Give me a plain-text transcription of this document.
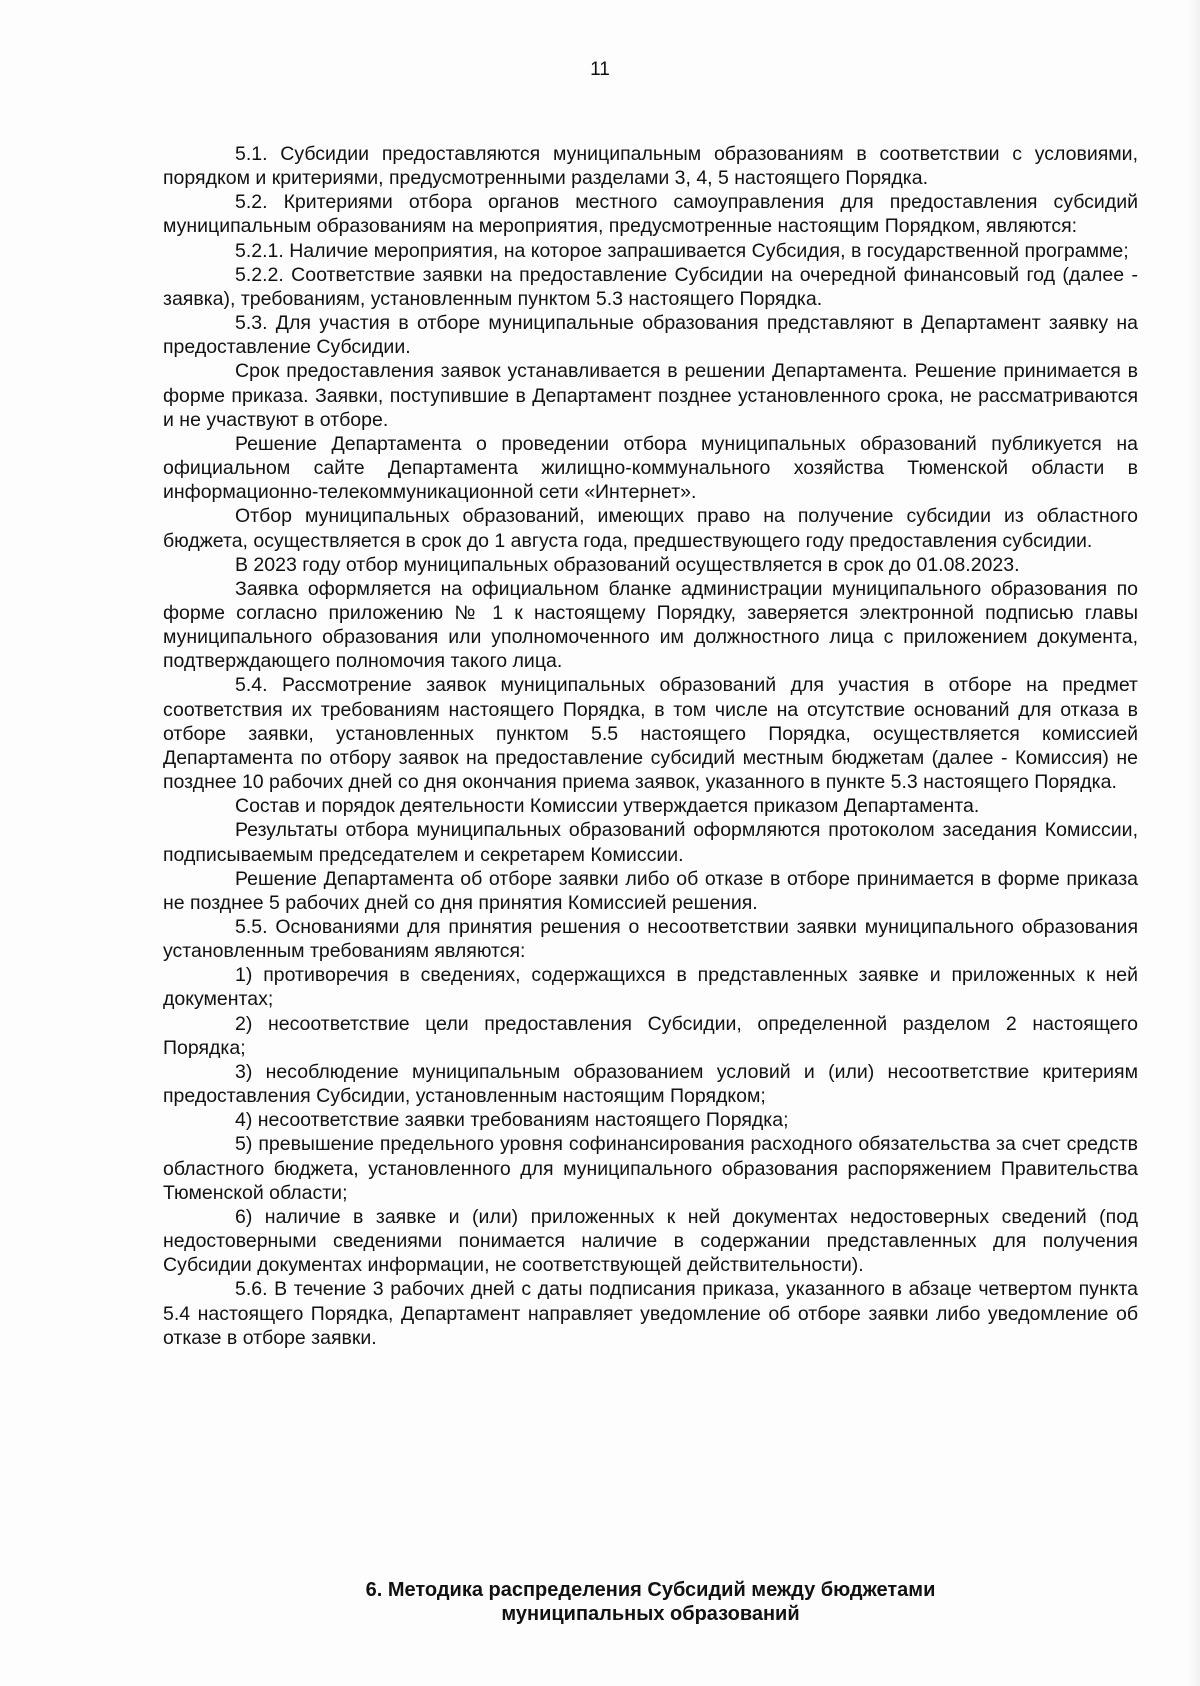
11

5.1. Субсидии предоставляются муниципальным образованиям в соответствии с условиями, порядком и критериями, предусмотренными разделами 3, 4, 5 настоящего Порядка.

5.2. Критериями отбора органов местного самоуправления для предоставления субсидий муниципальным образованиям на мероприятия, предусмотренные настоящим Порядком, являются:

5.2.1. Наличие мероприятия, на которое запрашивается Субсидия, в государственной программе;

5.2.2. Соответствие заявки на предоставление Субсидии на очередной финансовый год (далее - заявка), требованиям, установленным пунктом 5.3 настоящего Порядка.

5.3. Для участия в отборе муниципальные образования представляют в Департамент заявку на предоставление Субсидии.

Срок предоставления заявок устанавливается в решении Департамента. Решение принимается в форме приказа. Заявки, поступившие в Департамент позднее установленного срока, не рассматриваются и не участвуют в отборе.

Решение Департамента о проведении отбора муниципальных образований публикуется на официальном сайте Департамента жилищно-коммунального хозяйства Тюменской области в информационно-телекоммуникационной сети «Интернет».

Отбор муниципальных образований, имеющих право на получение субсидии из областного бюджета, осуществляется в срок до 1 августа года, предшествующего году предоставления субсидии.

В 2023 году отбор муниципальных образований осуществляется в срок до 01.08.2023.

Заявка оформляется на официальном бланке администрации муниципального образования по форме согласно приложению № 1 к настоящему Порядку, заверяется электронной подписью главы муниципального образования или уполномоченного им должностного лица с приложением документа, подтверждающего полномочия такого лица.

5.4. Рассмотрение заявок муниципальных образований для участия в отборе на предмет соответствия их требованиям настоящего Порядка, в том числе на отсутствие оснований для отказа в отборе заявки, установленных пунктом 5.5 настоящего Порядка, осуществляется комиссией Департамента по отбору заявок на предоставление субсидий местным бюджетам (далее - Комиссия) не позднее 10 рабочих дней со дня окончания приема заявок, указанного в пункте 5.3 настоящего Порядка.

Состав и порядок деятельности Комиссии утверждается приказом Департамента.

Результаты отбора муниципальных образований оформляются протоколом заседания Комиссии, подписываемым председателем и секретарем Комиссии.

Решение Департамента об отборе заявки либо об отказе в отборе принимается в форме приказа не позднее 5 рабочих дней со дня принятия Комиссией решения.

5.5. Основаниями для принятия решения о несоответствии заявки муниципального образования установленным требованиям являются:

1) противоречия в сведениях, содержащихся в представленных заявке и приложенных к ней документах;

2) несоответствие цели предоставления Субсидии, определенной разделом 2 настоящего Порядка;

3) несоблюдение муниципальным образованием условий и (или) несоответствие критериям предоставления Субсидии, установленным настоящим Порядком;

4) несоответствие заявки требованиям настоящего Порядка;

5) превышение предельного уровня софинансирования расходного обязательства за счет средств областного бюджета, установленного для муниципального образования распоряжением Правительства Тюменской области;

6) наличие в заявке и (или) приложенных к ней документах недостоверных сведений (под недостоверными сведениями понимается наличие в содержании представленных для получения Субсидии документах информации, не соответствующей действительности).

5.6. В течение 3 рабочих дней с даты подписания приказа, указанного в абзаце четвертом пункта 5.4 настоящего Порядка, Департамент направляет уведомление об отборе заявки либо уведомление об отказе в отборе заявки.

6. Методика распределения Субсидий между бюджетами
муниципальных образований
